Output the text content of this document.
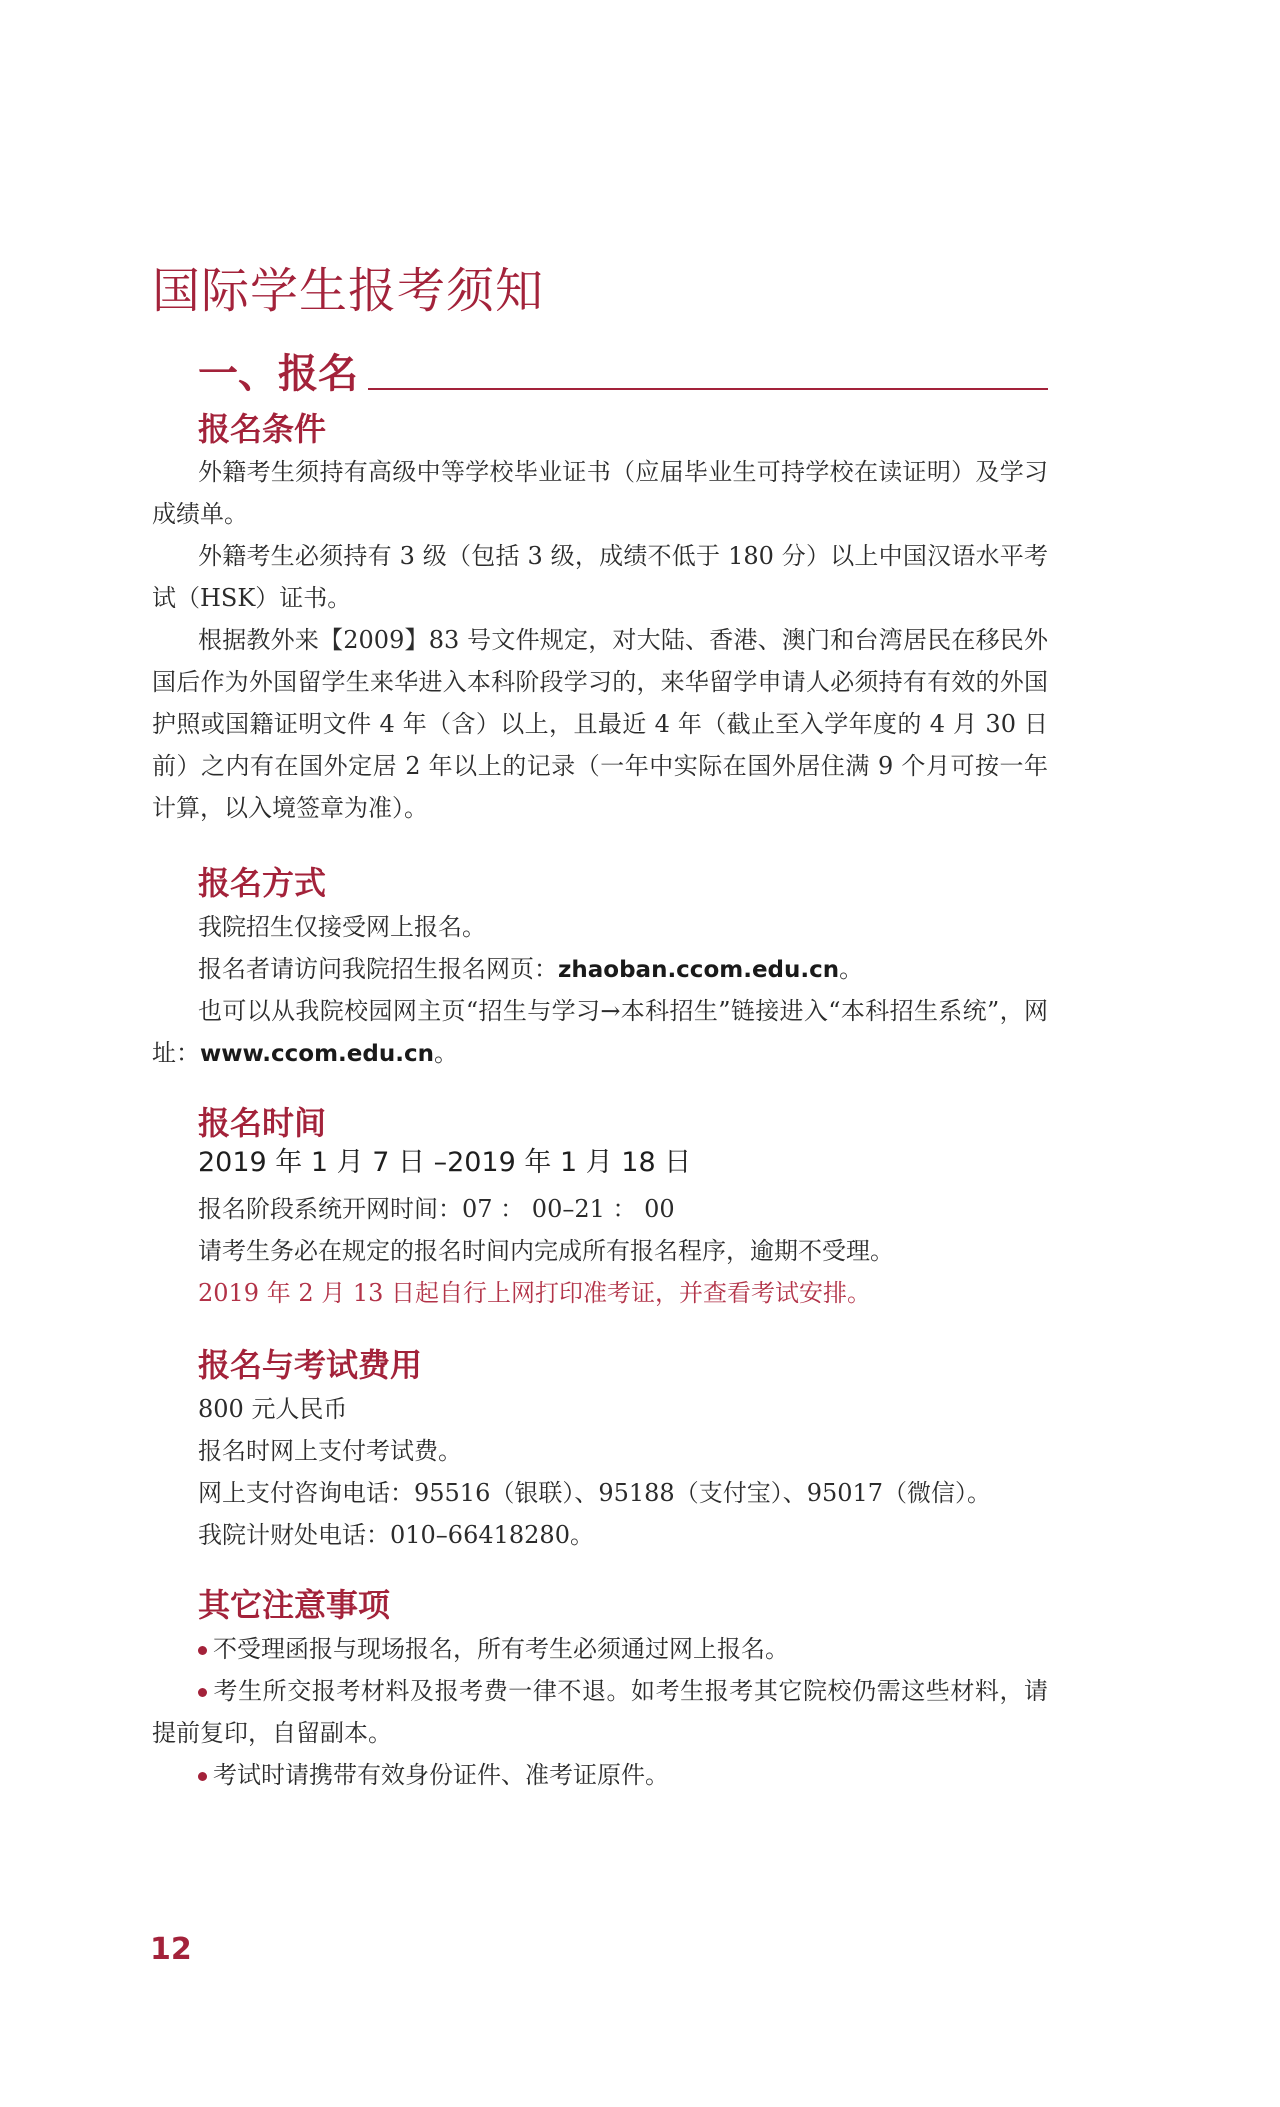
国际学生报考须知
一、报名
报名条件
外籍考生须持有高级中等学校毕业证书（应届毕业生可持学校在读证明）及学习成绩单。
外籍考生必须持有 3 级（包括 3 级，成绩不低于 180 分）以上中国汉语水平考试（HSK）证书。
根据教外来【2009】83 号文件规定，对大陆、香港、澳门和台湾居民在移民外国后作为外国留学生来华进入本科阶段学习的，来华留学申请人必须持有有效的外国护照或国籍证明文件 4 年（含）以上，且最近 4 年（截止至入学年度的 4 月 30 日前）之内有在国外定居 2 年以上的记录（一年中实际在国外居住满 9 个月可按一年计算，以入境签章为准）。
报名方式
我院招生仅接受网上报名。
报名者请访问我院招生报名网页：zhaoban.ccom.edu.cn。
也可以从我院校园网主页“招生与学习→本科招生”链接进入“本科招生系统”，网址：www.ccom.edu.cn。
报名时间
2019 年 1 月 7 日 –2019 年 1 月 18 日
报名阶段系统开网时间：07 ： 00–21 ： 00
请考生务必在规定的报名时间内完成所有报名程序，逾期不受理。
2019 年 2 月 13 日起自行上网打印准考证，并查看考试安排。
报名与考试费用
800 元人民币
报名时网上支付考试费。
网上支付咨询电话：95516（银联）、95188（支付宝）、95017（微信）。
我院计财处电话：010–66418280。
其它注意事项
不受理函报与现场报名，所有考生必须通过网上报名。
考生所交报考材料及报考费一律不退。如考生报考其它院校仍需这些材料，请提前复印，自留副本。
考试时请携带有效身份证件、准考证原件。
12
